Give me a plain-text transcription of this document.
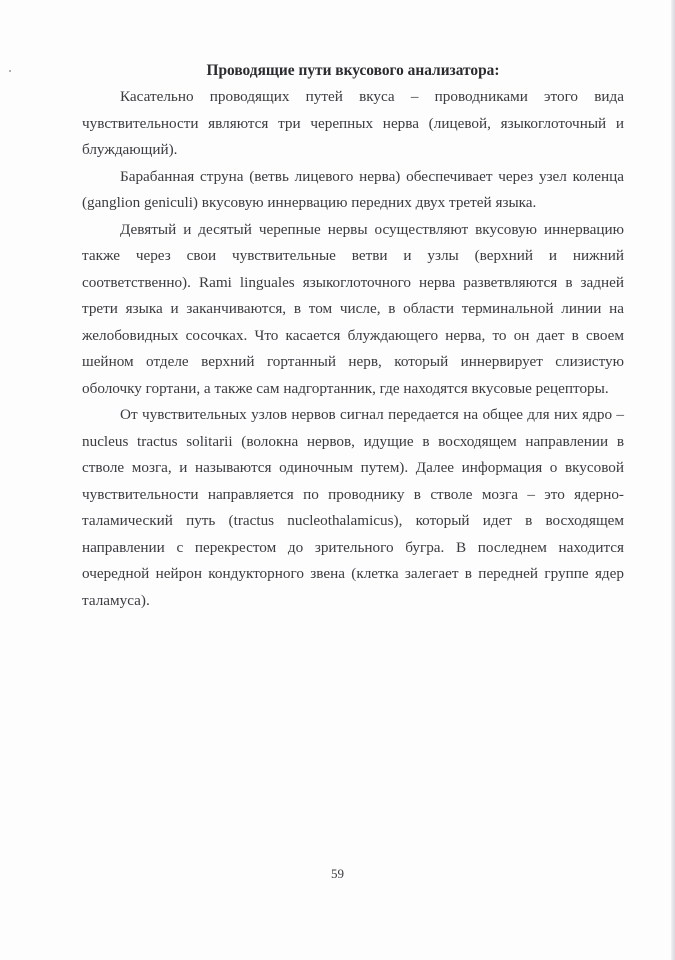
Проводящие пути вкусового анализатора:

Касательно проводящих путей вкуса – проводниками этого вида чувствительности являются три черепных нерва (лицевой, языкоглоточный и блуждающий).

Барабанная струна (ветвь лицевого нерва) обеспечивает через узел коленца (ganglion geniculi) вкусовую иннервацию передних двух третей языка.

Девятый и десятый черепные нервы осуществляют вкусовую иннервацию также через свои чувствительные ветви и узлы (верхний и нижний соответственно). Rami linguales языкоглоточного нерва разветвляются в задней трети языка и заканчиваются, в том числе, в области терминальной линии на желобовидных сосочках. Что касается блуждающего нерва, то он дает в своем шейном отделе верхний гортанный нерв, который иннервирует слизистую оболочку гортани, а также сам надгортанник, где находятся вкусовые рецепторы.

От чувствительных узлов нервов сигнал передается на общее для них ядро – nucleus tractus solitarii (волокна нервов, идущие в восходящем направлении в стволе мозга, и называются одиночным путем). Далее информация о вкусовой чувствительности направляется по проводнику в стволе мозга – это ядерно-таламический путь (tractus nucleothalamicus), который идет в восходящем направлении с перекрестом до зрительного бугра. В последнем находится очередной нейрон кондукторного звена (клетка залегает в передней группе ядер таламуса).

59
